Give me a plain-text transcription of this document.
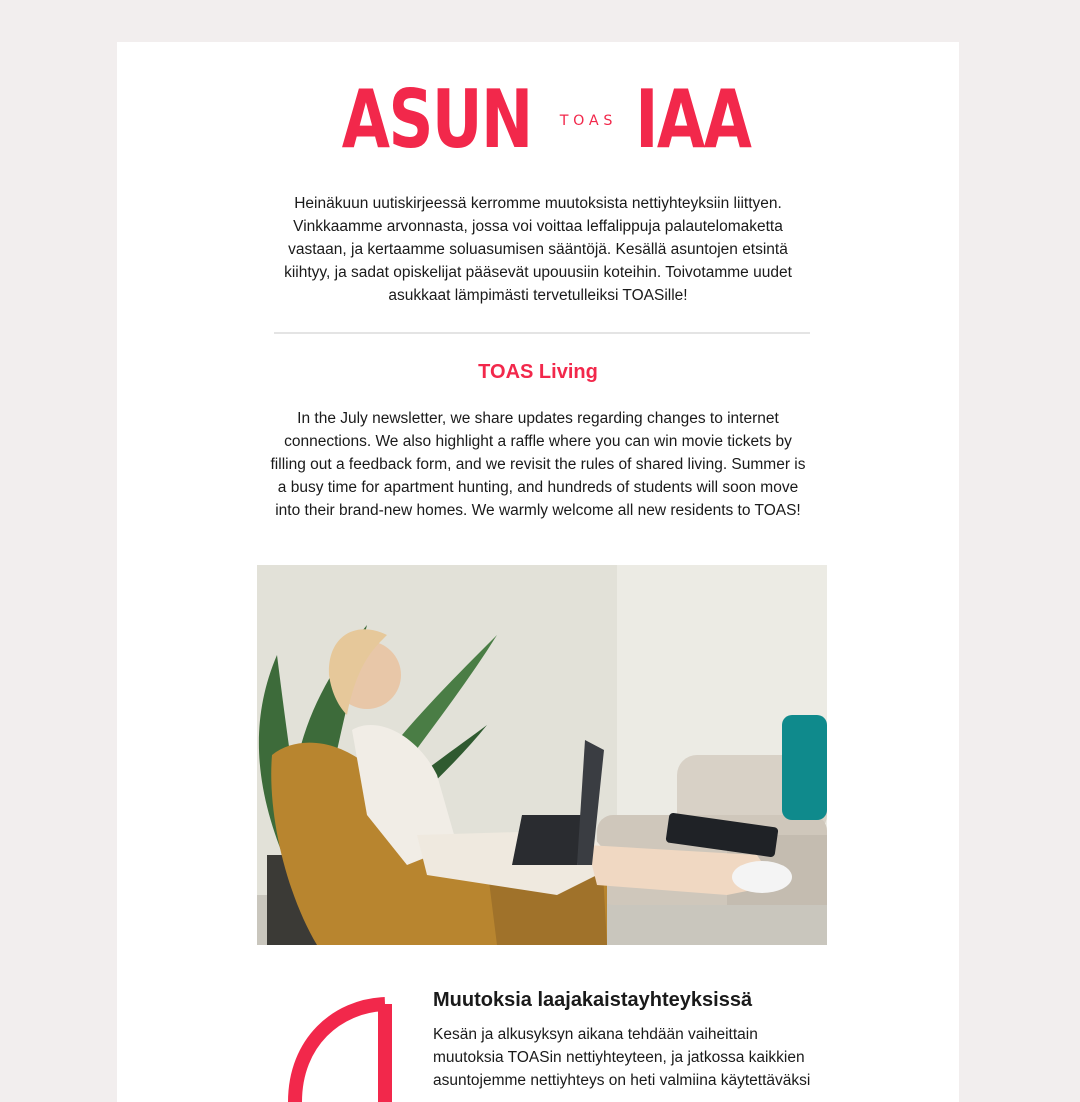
ASUN TOAS IAA

Heinäkuun uutiskirjeessä kerromme muutoksista nettiyhteyksiin liittyen. Vinkkaamme arvonnasta, jossa voi voittaa leffalippuja palautelomaketta vastaan, ja kertaamme soluasumisen sääntöjä. Kesällä asuntojen etsintä kiihtyy, ja sadat opiskelijat pääsevät upouusiin koteihin. Toivotamme uudet asukkaat lämpimästi tervetulleiksi TOASille!

TOAS Living

In the July newsletter, we share updates regarding changes to internet connections. We also highlight a raffle where you can win movie tickets by filling out a feedback form, and we revisit the rules of shared living. Summer is a busy time for apartment hunting, and hundreds of students will soon move into their brand-new homes. We warmly welcome all new residents to TOAS!

Muutoksia laajakaistayhteyksissä

Kesän ja alkusyksyn aikana tehdään vaiheittain muutoksia TOASin nettiyhteyteen, ja jatkossa kaikkien asuntojemme nettiyhteys on heti valmiina käytettäväksi
